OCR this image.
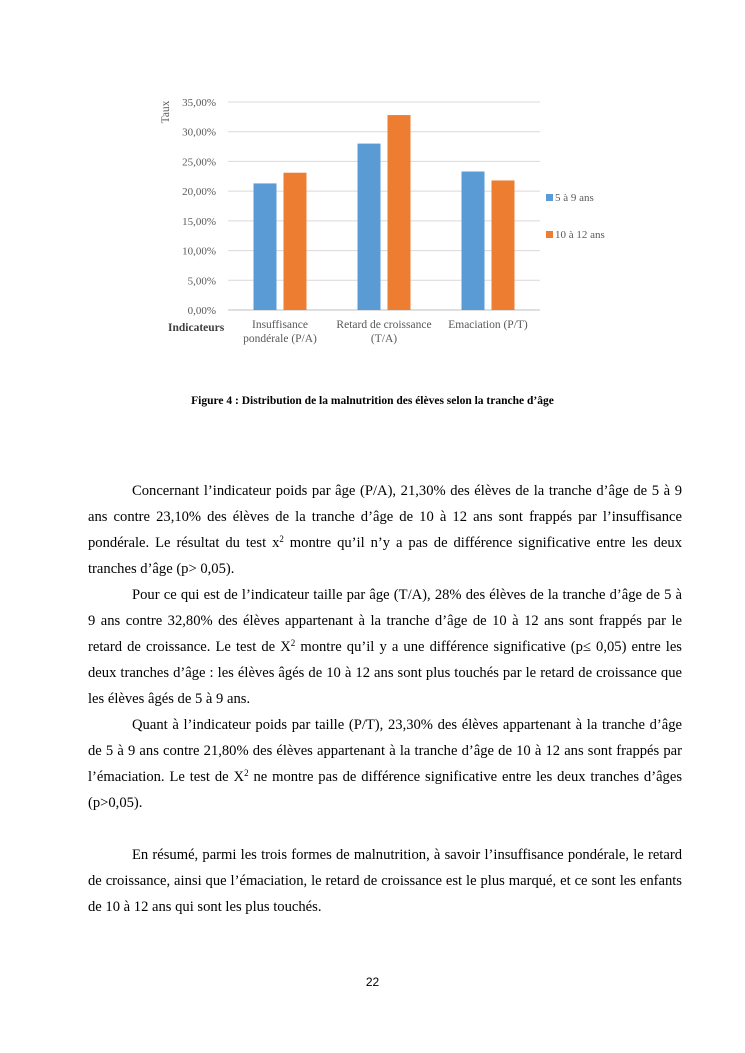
0,00%
5,00%
10,00%
15,00%
20,00%
25,00%
30,00%
35,00%
Insuffisance
pondérale (P/A)
Retard de croissance
(T/A)
Emaciation (P/T)
Taux
Indicateurs
5 à 9 ans
10 à 12 ans
Figure 4 : Distribution de la malnutrition des élèves selon la tranche d’âge

Concernant l’indicateur poids par âge (P/A), 21,30% des élèves de la tranche d’âge de 5 à 9 ans contre 23,10% des élèves de la tranche d’âge de 10 à 12 ans sont frappés par l’insuffisance pondérale. Le résultat du test $x^2$ montre qu’il n’y a pas de différence significative entre les deux tranches d’âge (p> 0,05).

Pour ce qui est de l’indicateur taille par âge (T/A), 28% des élèves de la tranche d’âge de 5 à 9 ans contre 32,80% des élèves appartenant à la tranche d’âge de 10 à 12 ans sont frappés par le retard de croissance. Le test de $X^2$ montre qu’il y a une différence significative (p≤ 0,05) entre les deux tranches d’âge : les élèves âgés de 10 à 12 ans sont plus touchés par le retard de croissance que les élèves âgés de 5 à 9 ans.

Quant à l’indicateur poids par taille (P/T), 23,30% des élèves appartenant à la tranche d’âge de 5 à 9 ans contre 21,80% des élèves appartenant à la tranche d’âge de 10 à 12 ans sont frappés par l’émaciation. Le test de $X^2$ ne montre pas de différence significative entre les deux tranches d’âges (p>0,05).

En résumé, parmi les trois formes de malnutrition, à savoir l’insuffisance pondérale, le retard de croissance, ainsi que l’émaciation, le retard de croissance est le plus marqué, et ce sont les enfants de 10 à 12 ans qui sont les plus touchés.

22
